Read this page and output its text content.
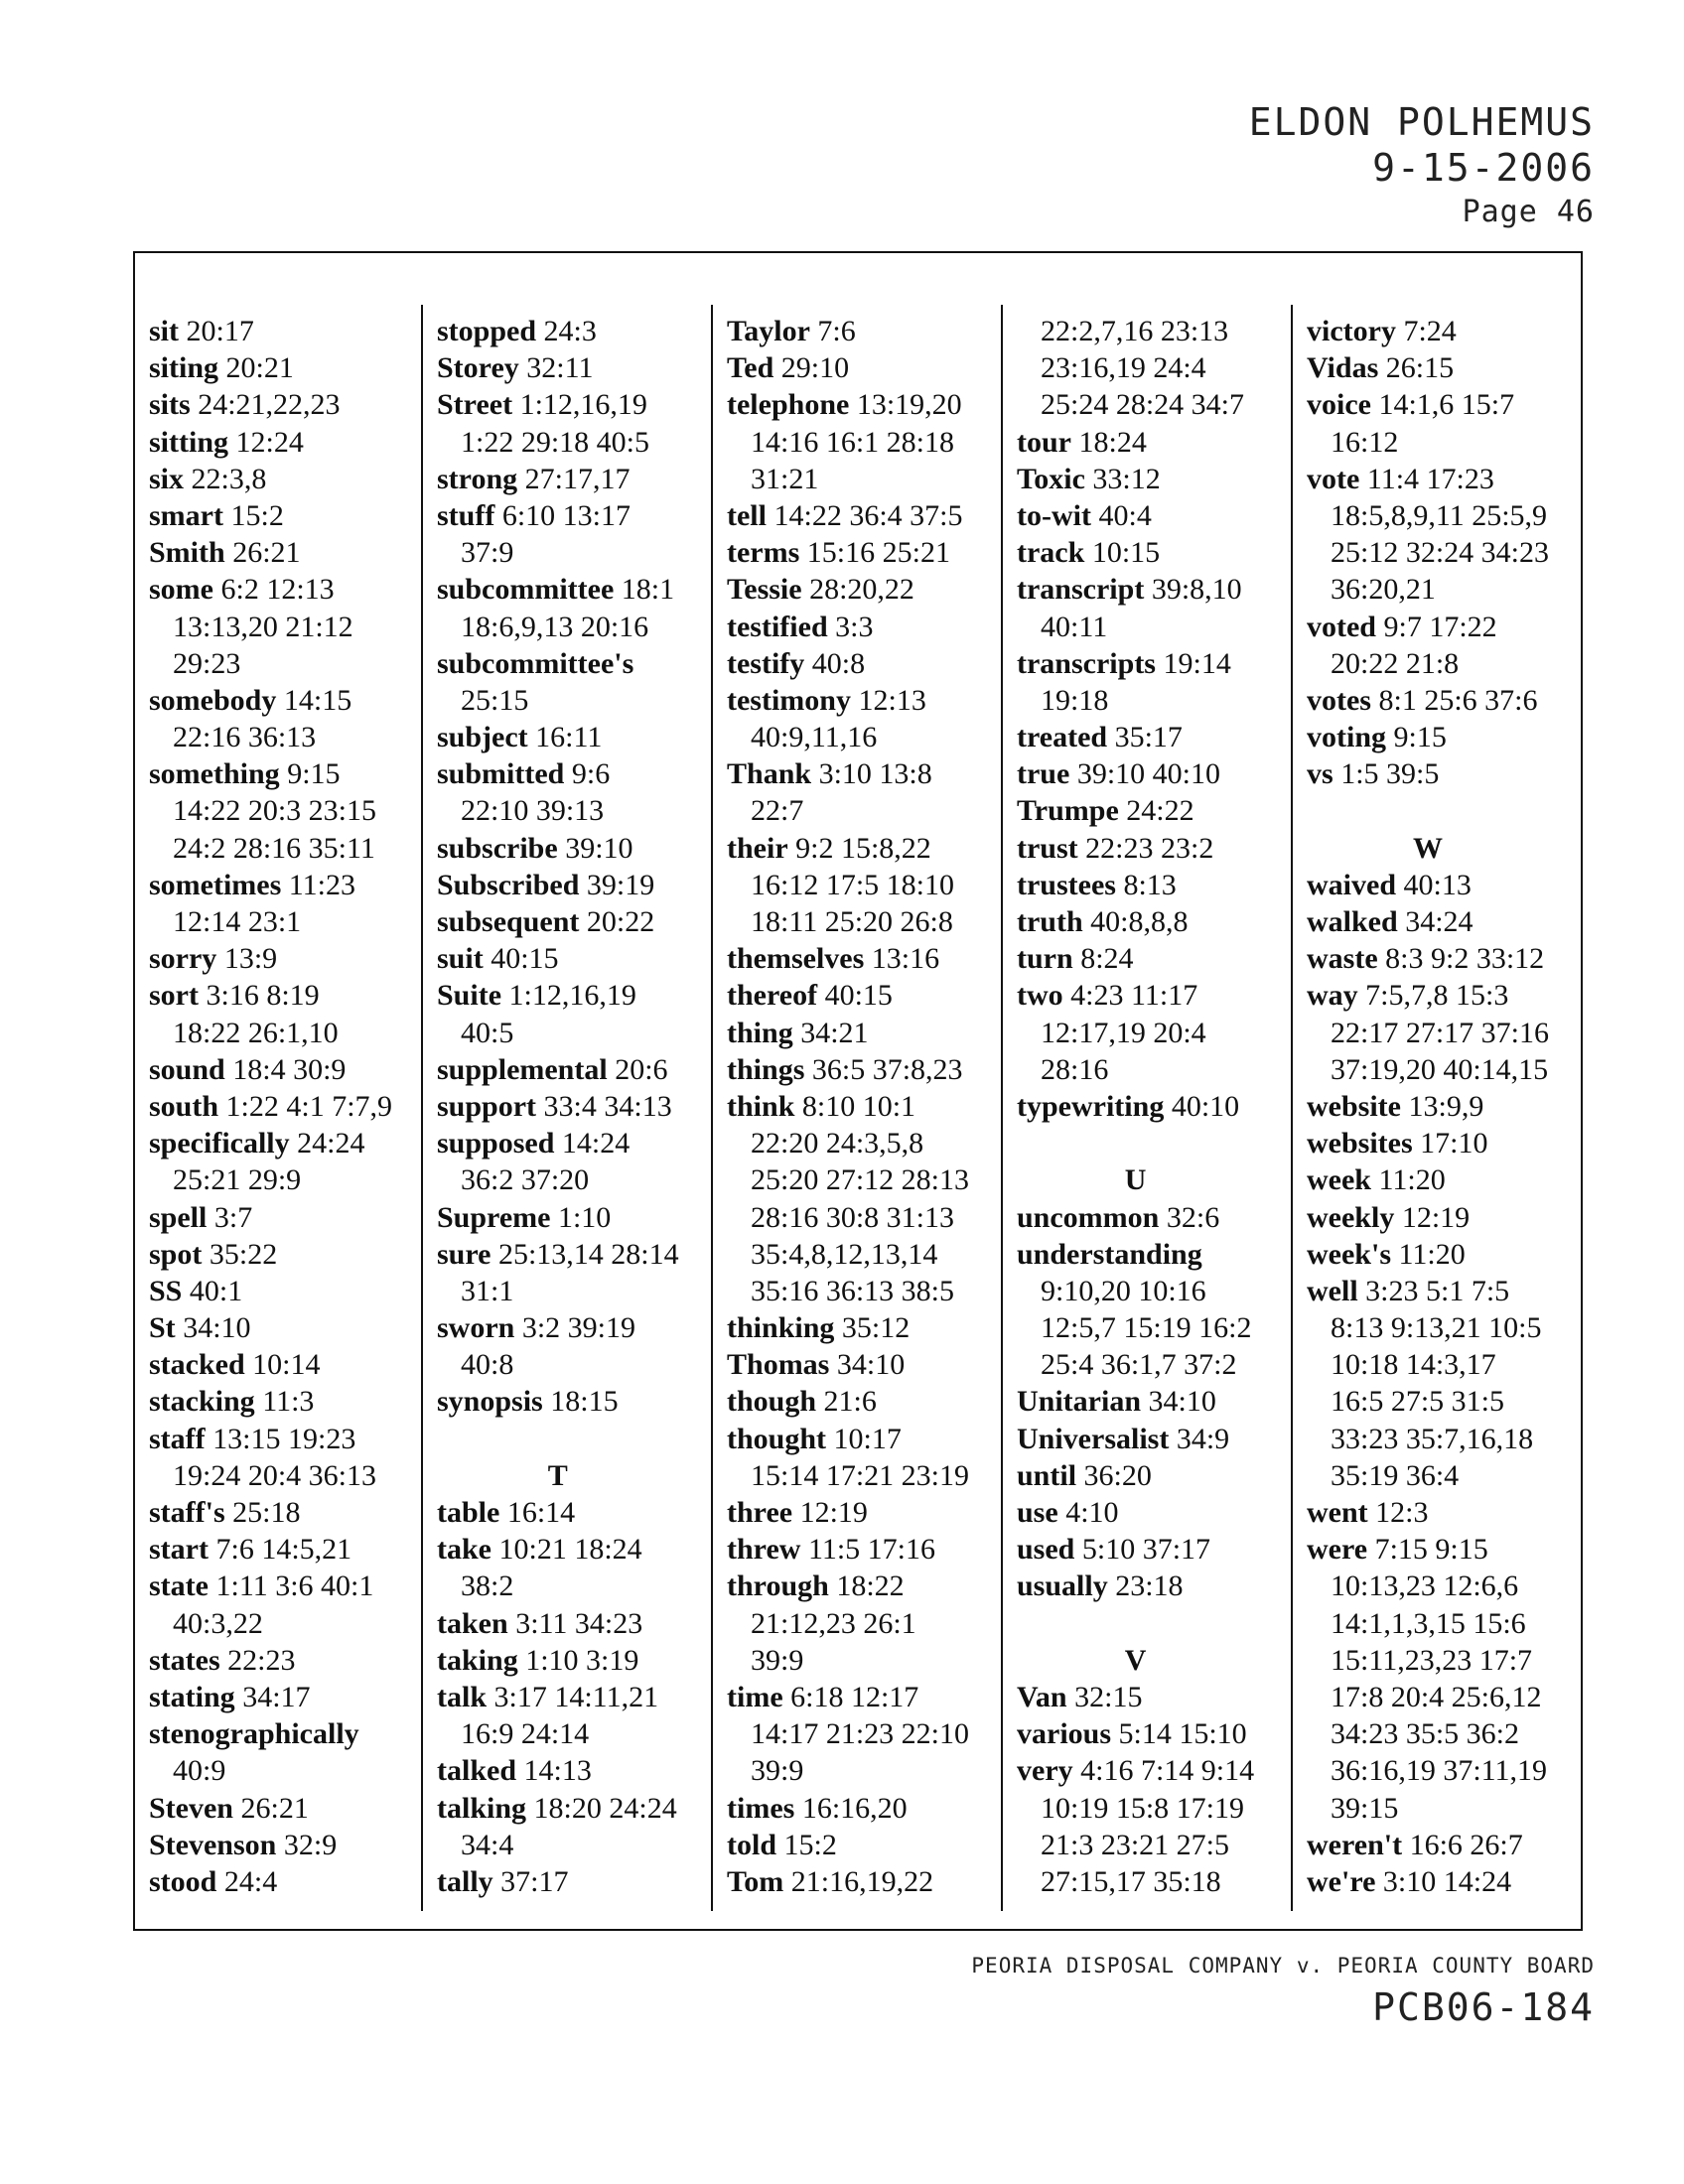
ELDON POLHEMUS
9-15-2006
Page 46
sit 20:17
siting 20:21
sits 24:21,22,23
sitting 12:24
six 22:3,8
smart 15:2
Smith 26:21
some 6:2 12:13
13:13,20 21:12
29:23
somebody 14:15
22:16 36:13
something 9:15
14:22 20:3 23:15
24:2 28:16 35:11
sometimes 11:23
12:14 23:1
sorry 13:9
sort 3:16 8:19
18:22 26:1,10
sound 18:4 30:9
south 1:22 4:1 7:7,9
specifically 24:24
25:21 29:9
spell 3:7
spot 35:22
SS 40:1
St 34:10
stacked 10:14
stacking 11:3
staff 13:15 19:23
19:24 20:4 36:13
staff's 25:18
start 7:6 14:5,21
state 1:11 3:6 40:1
40:3,22
states 22:23
stating 34:17
stenographically
40:9
Steven 26:21
Stevenson 32:9
stood 24:4
stopped 24:3
Storey 32:11
Street 1:12,16,19
1:22 29:18 40:5
strong 27:17,17
stuff 6:10 13:17
37:9
subcommittee 18:1
18:6,9,13 20:16
subcommittee's
25:15
subject 16:11
submitted 9:6
22:10 39:13
subscribe 39:10
Subscribed 39:19
subsequent 20:22
suit 40:15
Suite 1:12,16,19
40:5
supplemental 20:6
support 33:4 34:13
supposed 14:24
36:2 37:20
Supreme 1:10
sure 25:13,14 28:14
31:1
sworn 3:2 39:19
40:8
synopsis 18:15
T
table 16:14
take 10:21 18:24
38:2
taken 3:11 34:23
taking 1:10 3:19
talk 3:17 14:11,21
16:9 24:14
talked 14:13
talking 18:20 24:24
34:4
tally 37:17
Taylor 7:6
Ted 29:10
telephone 13:19,20
14:16 16:1 28:18
31:21
tell 14:22 36:4 37:5
terms 15:16 25:21
Tessie 28:20,22
testified 3:3
testify 40:8
testimony 12:13
40:9,11,16
Thank 3:10 13:8
22:7
their 9:2 15:8,22
16:12 17:5 18:10
18:11 25:20 26:8
themselves 13:16
thereof 40:15
thing 34:21
things 36:5 37:8,23
think 8:10 10:1
22:20 24:3,5,8
25:20 27:12 28:13
28:16 30:8 31:13
35:4,8,12,13,14
35:16 36:13 38:5
thinking 35:12
Thomas 34:10
though 21:6
thought 10:17
15:14 17:21 23:19
three 12:19
threw 11:5 17:16
through 18:22
21:12,23 26:1
39:9
time 6:18 12:17
14:17 21:23 22:10
39:9
times 16:16,20
told 15:2
Tom 21:16,19,22
22:2,7,16 23:13
23:16,19 24:4
25:24 28:24 34:7
tour 18:24
Toxic 33:12
to-wit 40:4
track 10:15
transcript 39:8,10
40:11
transcripts 19:14
19:18
treated 35:17
true 39:10 40:10
Trumpe 24:22
trust 22:23 23:2
trustees 8:13
truth 40:8,8,8
turn 8:24
two 4:23 11:17
12:17,19 20:4
28:16
typewriting 40:10
U
uncommon 32:6
understanding
9:10,20 10:16
12:5,7 15:19 16:2
25:4 36:1,7 37:2
Unitarian 34:10
Universalist 34:9
until 36:20
use 4:10
used 5:10 37:17
usually 23:18
V
Van 32:15
various 5:14 15:10
very 4:16 7:14 9:14
10:19 15:8 17:19
21:3 23:21 27:5
27:15,17 35:18
victory 7:24
Vidas 26:15
voice 14:1,6 15:7
16:12
vote 11:4 17:23
18:5,8,9,11 25:5,9
25:12 32:24 34:23
36:20,21
voted 9:7 17:22
20:22 21:8
votes 8:1 25:6 37:6
voting 9:15
vs 1:5 39:5
W
waived 40:13
walked 34:24
waste 8:3 9:2 33:12
way 7:5,7,8 15:3
22:17 27:17 37:16
37:19,20 40:14,15
website 13:9,9
websites 17:10
week 11:20
weekly 12:19
week's 11:20
well 3:23 5:1 7:5
8:13 9:13,21 10:5
10:18 14:3,17
16:5 27:5 31:5
33:23 35:7,16,18
35:19 36:4
went 12:3
were 7:15 9:15
10:13,23 12:6,6
14:1,1,3,15 15:6
15:11,23,23 17:7
17:8 20:4 25:6,12
34:23 35:5 36:2
36:16,19 37:11,19
39:15
weren't 16:6 26:7
we're 3:10 14:24
PEORIA DISPOSAL COMPANY v. PEORIA COUNTY BOARD
PCB06-184
